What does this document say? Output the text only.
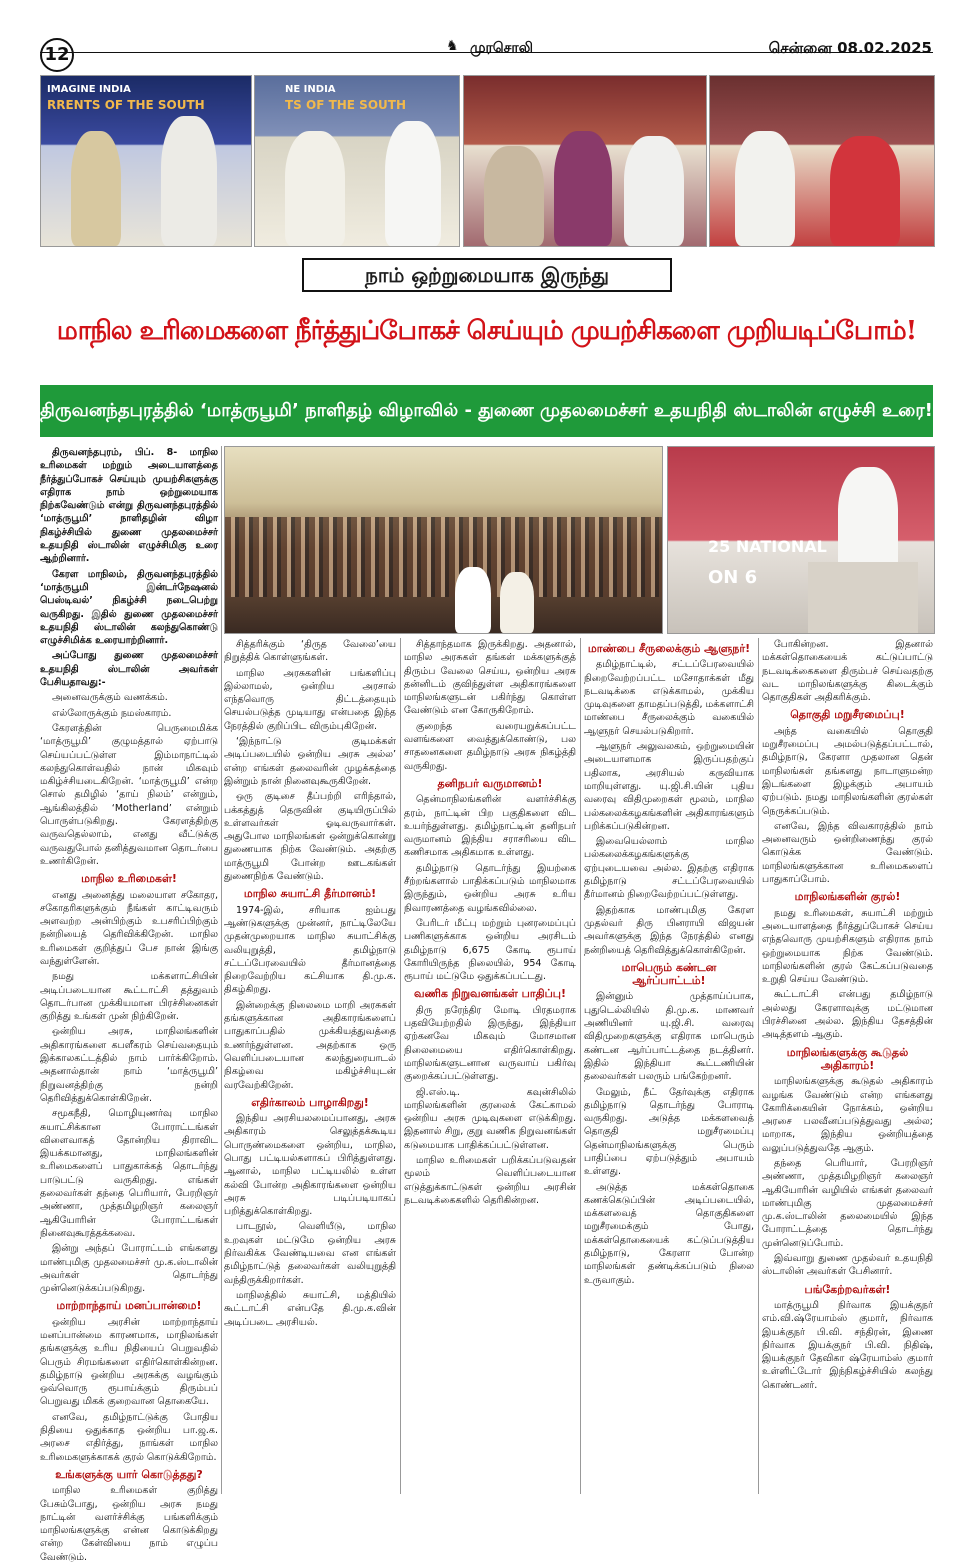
12	♞ முரசொலி	சென்னை 08.02.2025
IMAGINE INDIA
RRENTS OF THE SOUTH
NE INDIA
TS OF THE SOUTH
நாம் ஒற்றுமையாக இருந்து
மாநில உரிமைகளை நீர்த்துப்போகச் செய்யும் முயற்சிகளை முறியடிப்போம்!
திருவனந்தபுரத்தில் ‘மாத்ருபூமி’ நாளிதழ் விழாவில் - துணை முதலமைச்சர் உதயநிதி ஸ்டாலின் எழுச்சி உரை!
25 NATIONAL
ON 6

திருவனந்தபுரம், பிப். 8- மாநில உரிமைகள் மற்றும் அடையாளத்தை நீர்த்துப்போகச் செய்யும் முயற்சிகளுக்கு எதிராக நாம் ஒற்றுமையாக நிற்கவேண்டும் என்று திருவனந்தபுரத்தில் ‘மாத்ருபூமி’ நாளிதழின் விழா நிகழ்ச்சியில் துணை முதலமைச்சர் உதயநிதி ஸ்டாலின் எழுச்சிமிகு உரை ஆற்றினார்.

கேரள மாநிலம், திருவனந்தபுரத்தில் ‘மாத்ருபூமி இன்டர்நேஷனல் பெஸ்டிவல்’ நிகழ்ச்சி நடைபெற்று வருகிறது. இதில் துணை முதலமைச்சர் உதயநிதி ஸ்டாலின் கலந்துகொண்டு எழுச்சிமிக்க உரையாற்றினார்.

அப்போது துணை முதலமைச்சர் உதயநிதி ஸ்டாலின் அவர்கள் பேசியதாவது:-

அனைவருக்கும் வணக்கம்.

எல்லோருக்கும் நமஸ்காரம்.

கேரளத்தின் பெருமைமிக்க ‘மாத்ருபூமி’ குழுமத்தால் ஏற்பாடு செய்யப்பட்டுள்ள இம்மாநாட்டில் கலந்துகொள்வதில் நான் மிகவும் மகிழ்ச்சியடைகிறேன். ‘மாத்ருபூமி’ என்ற சொல் தமிழில் ‘தாய் நிலம்’ என்றும், ஆங்கிலத்தில் ‘Motherland’ என்றும் பொருள்படுகிறது. கேரளத்திற்கு வருவதெல்லாம், எனது வீட்டுக்கு வருவதுபோல் தனித்துவமான தொடர்பை உணர்கிறேன்.

மாநில உரிமைகள்!

எனது அனைத்து மலையாள சகோதர, சகோதரிகளுக்கும் நீங்கள் காட்டிவரும் அளவற்ற அன்பிற்கும் உபசரிப்பிற்கும் நன்றியைத் தெரிவிக்கிறேன். மாநில உரிமைகள் குறித்துப் பேச நான் இங்கு வந்துள்ளேன்.

நமது மக்களாட்சியின் அடிப்படையான கூட்டாட்சி தத்துவம் தொடர்பான முக்கியமான பிரச்சினைகள் குறித்து உங்கள் முன் நிற்கிறேன்.

ஒன்றிய அரசு, மாநிலங்களின் அதிகாரங்களை கபளீகரம் செய்வதையும் இக்காலகட்டத்தில் நாம் பார்க்கிறோம். அதனால்தான் நாம் ‘மாத்ருபூமி’ நிறுவனத்திற்கு நன்றி தெரிவித்துக்கொள்கிறேன்.

சமூகநீதி, மொழியுணர்வு மாநில சுயாட்சிக்கான போராட்டங்கள் விளைவாகத் தோன்றிய திராவிட இயக்கமானது, மாநிலங்களின் உரிமைகளைப் பாதுகாக்கத் தொடர்ந்து பாடுபட்டு வருகிறது. எங்கள் தலைவர்கள் தந்தை பெரியார், பேரறிஞர் அண்ணா, முத்தமிழறிஞர் கலைஞர் ஆகியோரின் போராட்டங்கள் நினைவுகூரத்தக்கவை.

இன்று அந்தப் போராட்டம் எங்களது மாண்புமிகு முதலமைச்சர் மு.க.ஸ்டாலின் அவர்கள் தொடர்ந்து முன்னெடுக்கப்படுகிறது.

மாற்றாந்தாய் மனப்பான்மை!

ஒன்றிய அரசின் மாற்றாந்தாய் மனப்பான்மை காரணமாக, மாநிலங்கள் தங்களுக்கு உரிய நிதியைப் பெறுவதில் பெரும் சிரமங்களை எதிர்கொள்கின்றன. தமிழ்நாடு ஒன்றிய அரசுக்கு வழங்கும் ஒவ்வொரு ரூபாய்க்கும் திரும்பப் பெறுவது மிகக் குறைவான தொகையே.

எனவே, தமிழ்நாட்டுக்கு போதிய நிதியை ஒதுக்காத ஒன்றிய பா.ஜ.க. அரசை எதிர்த்து, நாங்கள் மாநில உரிமைகளுக்காகக் குரல் கொடுக்கிறோம்.

உங்களுக்கு யார் கொடுத்தது?

மாநில உரிமைகள் குறித்து பேசும்போது, ஒன்றிய அரசு நமது நாட்டின் வளர்ச்சிக்கு பங்களிக்கும் மாநிலங்களுக்கு என்ன கொடுக்கிறது என்ற கேள்வியை நாம் எழுப்ப வேண்டும்.

சித்தரிக்கும் ‘திருத வேலை’யை நிறுத்திக் கொள்ளுங்கள்.

மாநில அரசுகளின் பங்களிப்பு இல்லாமல், ஒன்றிய அரசால் எந்தவொரு திட்டத்தையும் செயல்படுத்த முடியாது என்பதை இந்த நேரத்தில் குறிப்பிட விரும்புகிறேன்.

‘இந்நாட்டு குடிமக்கள் அடிப்படையில் ஒன்றிய அரசு அல்ல’ என்ற எங்கள் தலைவரின் முழக்கத்தை இன்றும் நான் நினைவுகூருகிறேன்.

ஒரு குடிசை தீப்பற்றி எரிந்தால், பக்கத்துத் தெருவின் குடியிருப்பில் உள்ளவர்கள் ஓடிவருவார்கள். அதுபோல மாநிலங்கள் ஒன்றுக்கொன்று துணையாக நிற்க வேண்டும். அதற்கு மாத்ருபூமி போன்ற ஊடகங்கள் துணைநிற்க வேண்டும்.

மாநில சுயாட்சி தீர்மானம்!

1974-இல், சரியாக ஐம்பது ஆண்டுகளுக்கு முன்னர், நாட்டிலேயே முதன்முறையாக மாநில சுயாட்சிக்கு வலியுறுத்தி, தமிழ்நாடு சட்டப்பேரவையில் தீர்மானத்தை நிறைவேற்றிய கட்சியாக தி.மு.க. திகழ்கிறது.

இன்றைக்கு நிலைமை மாறி அரசுகள் தங்களுக்கான அதிகாரங்களைப் பாதுகாப்பதில் முக்கியத்துவத்தை உணர்ந்துள்ளன. அதற்காக ஒரு வெளிப்படையான கலந்துரையாடல் நிகழ்வை மகிழ்ச்சியுடன் வரவேற்கிறேன்.

எதிர்காலம் பாழாகிறது!

இந்திய அரசியலமைப்பானது, அரசு அதிகாரம் செலுத்தக்கூடிய பொருண்மைகளை ஒன்றிய, மாநில, பொது பட்டியல்களாகப் பிரித்துள்ளது. ஆனால், மாநில பட்டியலில் உள்ள கல்வி போன்ற அதிகாரங்களை ஒன்றிய அரசு படிப்படியாகப் பறித்துக்கொள்கிறது.

பாடநூல், வெளியீடு, மாநில உறவுகள் மட்டுமே ஒன்றிய அரசு நிர்வகிக்க வேண்டியவை என எங்கள் தமிழ்நாட்டுத் தலைவர்கள் வலியுறுத்தி வந்திருக்கிறார்கள்.

மாநிலத்தில் சுயாட்சி, மத்தியில் கூட்டாட்சி என்பதே தி.மு.க.வின் அடிப்படை அரசியல்.

சித்தாந்தமாக இருக்கிறது. அதனால், மாநில அரசுகள் தங்கள் மக்களுக்குத் திரும்ப வேலை செய்ய, ஒன்றிய அரசு தன்னிடம் குவிந்துள்ள அதிகாரங்களை மாநிலங்களுடன் பகிர்ந்து கொள்ள வேண்டும் என கோருகிறோம்.

குறைந்த வரையறுக்கப்பட்ட வளங்களை வைத்துக்கொண்டு, பல சாதனைகளை தமிழ்நாடு அரசு நிகழ்த்தி வருகிறது.

தனிநபர் வருமானம்!

தென்மாநிலங்களின் வளர்ச்சிக்கு தரம், நாட்டின் பிற பகுதிகளை விட உயர்ந்துள்ளது. தமிழ்நாட்டின் தனிநபர் வருமானம் இந்திய சராசரியை விட கணிசமாக அதிகமாக உள்ளது.

தமிழ்நாடு தொடர்ந்து இயற்கை சீற்றங்களால் பாதிக்கப்படும் மாநிலமாக இருந்தும், ஒன்றிய அரசு உரிய நிவாரணத்தை வழங்கவில்லை.

பேரிடர் மீட்பு மற்றும் புனரமைப்புப் பணிகளுக்காக ஒன்றிய அரசிடம் தமிழ்நாடு 6,675 கோடி ரூபாய் கோரியிருந்த நிலையில், 954 கோடி ரூபாய் மட்டுமே ஒதுக்கப்பட்டது.

வணிக நிறுவனங்கள் பாதிப்பு!

திரு நரேந்திர மோடி பிரதமராக பதவியேற்றதில் இருந்து, இந்தியா ஏற்கனவே மிகவும் மோசமான நிலைமையை எதிர்கொள்கிறது. மாநிலங்களுடனான வருவாய் பகிர்வு குறைக்கப்பட்டுள்ளது.

ஜி.எஸ்.டி. கவுன்சிலில் மாநிலங்களின் குரலைக் கேட்காமல் ஒன்றிய அரசு முடிவுகளை எடுக்கிறது. இதனால் சிறு, குறு வணிக நிறுவனங்கள் கடுமையாக பாதிக்கப்பட்டுள்ளன.

மாநில உரிமைகள் பறிக்கப்படுவதன் மூலம் வெளிப்படையான எடுத்துக்காட்டுகள் ஒன்றிய அரசின் நடவடிக்கைகளில் தெரிகின்றன.

மாண்பை சீருலைக்கும் ஆளுநர்!

தமிழ்நாட்டில், சட்டப்பேரவையில் நிறைவேற்றப்பட்ட மசோதாக்கள் மீது நடவடிக்கை எடுக்காமல், முக்கிய முடிவுகளை தாமதப்படுத்தி, மக்களாட்சி மாண்பை சீருலைக்கும் வகையில் ஆளுநர் செயல்படுகிறார்.

ஆளுநர் அலுவலகம், ஒற்றுமையின் அடையாளமாக இருப்பதற்குப் பதிலாக, அரசியல் கருவியாக மாறியுள்ளது. யு.ஜி.சி.யின் புதிய வரைவு விதிமுறைகள் மூலம், மாநில பல்கலைக்கழகங்களின் அதிகாரங்களும் பறிக்கப்படுகின்றன.

இவையெல்லாம் மாநில பல்கலைக்கழகங்களுக்கு ஏற்புடையவை அல்ல. இதற்கு எதிராக தமிழ்நாடு சட்டப்பேரவையில் தீர்மானம் நிறைவேற்றப்பட்டுள்ளது.

இதற்காக மாண்புமிகு கேரள முதல்வர் திரு பினராயி விஜயன் அவர்களுக்கு இந்த நேரத்தில் எனது நன்றியைத் தெரிவித்துக்கொள்கிறேன்.

மாபெரும் கண்டன ஆர்ப்பாட்டம்!

இன்னும் முத்தாய்ப்பாக, புதுடெல்லியில் தி.மு.க. மாணவர் அணியினர் யு.ஜி.சி. வரைவு விதிமுறைகளுக்கு எதிராக மாபெரும் கண்டன ஆர்ப்பாட்டத்தை நடத்தினர். இதில் இந்தியா கூட்டணியின் தலைவர்கள் பலரும் பங்கேற்றனர்.

மேலும், நீட் தேர்வுக்கு எதிராக தமிழ்நாடு தொடர்ந்து போராடி வருகிறது. அடுத்த மக்களவைத் தொகுதி மறுசீரமைப்பு தென்மாநிலங்களுக்கு பெரும் பாதிப்பை ஏற்படுத்தும் அபாயம் உள்ளது.

அடுத்த மக்கள்தொகை கணக்கெடுப்பின் அடிப்படையில், மக்களவைத் தொகுதிகளை மறுசீரமைக்கும் போது, மக்கள்தொகையைக் கட்டுப்படுத்திய தமிழ்நாடு, கேரளா போன்ற மாநிலங்கள் தண்டிக்கப்படும் நிலை உருவாகும்.

போகின்றன. இதனால் மக்கள்தொகையைக் கட்டுப்பாட்டு நடவடிக்கைகளை திரும்பச் செய்வதற்கு வட மாநிலங்களுக்கு கிடைக்கும் தொகுதிகள் அதிகரிக்கும்.

தொகுதி மறுசீரமைப்பு!

அந்த வகையில் தொகுதி மறுசீரமைப்பு அமல்படுத்தப்பட்டால், தமிழ்நாடு, கேரளா முதலான தென் மாநிலங்கள் தங்களது நாடாளுமன்ற இடங்களை இழக்கும் அபாயம் ஏற்படும். நமது மாநிலங்களின் குரல்கள் நெருக்கப்படும்.

எனவே, இந்த விவகாரத்தில் நாம் அனைவரும் ஒன்றிணைந்து குரல் கொடுக்க வேண்டும். மாநிலங்களுக்கான உரிமைகளைப் பாதுகாப்போம்.

மாநிலங்களின் குரல்!

நமது உரிமைகள், சுயாட்சி மற்றும் அடையாளத்தை நீர்த்துப்போகச் செய்ய எந்தவொரு முயற்சிகளும் எதிராக நாம் ஒற்றுமையாக நிற்க வேண்டும். மாநிலங்களின் குரல் கேட்கப்படுவதை உறுதி செய்ய வேண்டும்.

கூட்டாட்சி என்பது தமிழ்நாடு அல்லது கேரளாவுக்கு மட்டுமான பிரச்சினை அல்ல. இந்திய தேசத்தின் அடித்தளம் ஆகும்.

மாநிலங்களுக்கு கூடுதல் அதிகாரம்!

மாநிலங்களுக்கு கூடுதல் அதிகாரம் வழங்க வேண்டும் என்ற எங்களது கோரிக்கையின் நோக்கம், ஒன்றிய அரசை பலவீனப்படுத்துவது அல்ல; மாறாக, இந்திய ஒன்றியத்தை வலுப்படுத்துவதே ஆகும்.

தந்தை பெரியார், பேரறிஞர் அண்ணா, முத்தமிழறிஞர் கலைஞர் ஆகியோரின் வழியில் எங்கள் தலைவர் மாண்புமிகு முதலமைச்சர் மு.க.ஸ்டாலின் தலைமையில் இந்த போராட்டத்தை தொடர்ந்து முன்னெடுப்போம்.

இவ்வாறு துணை முதல்வர் உதயநிதி ஸ்டாலின் அவர்கள் பேசினார்.

பங்கேற்றவர்கள்!

மாத்ருபூமி நிர்வாக இயக்குநர் எம்.வி.ஷ்ரேயாம்ஸ் குமார், நிர்வாக இயக்குநர் பி.வி. சந்திரன், இணை நிர்வாக இயக்குநர் பி.வி. நிதிஷ், இயக்குநர் தேவிகா ஷ்ரேயாம்ஸ் குமார் உள்ளிட்டோர் இந்நிகழ்ச்சியில் கலந்து கொண்டனர்.
